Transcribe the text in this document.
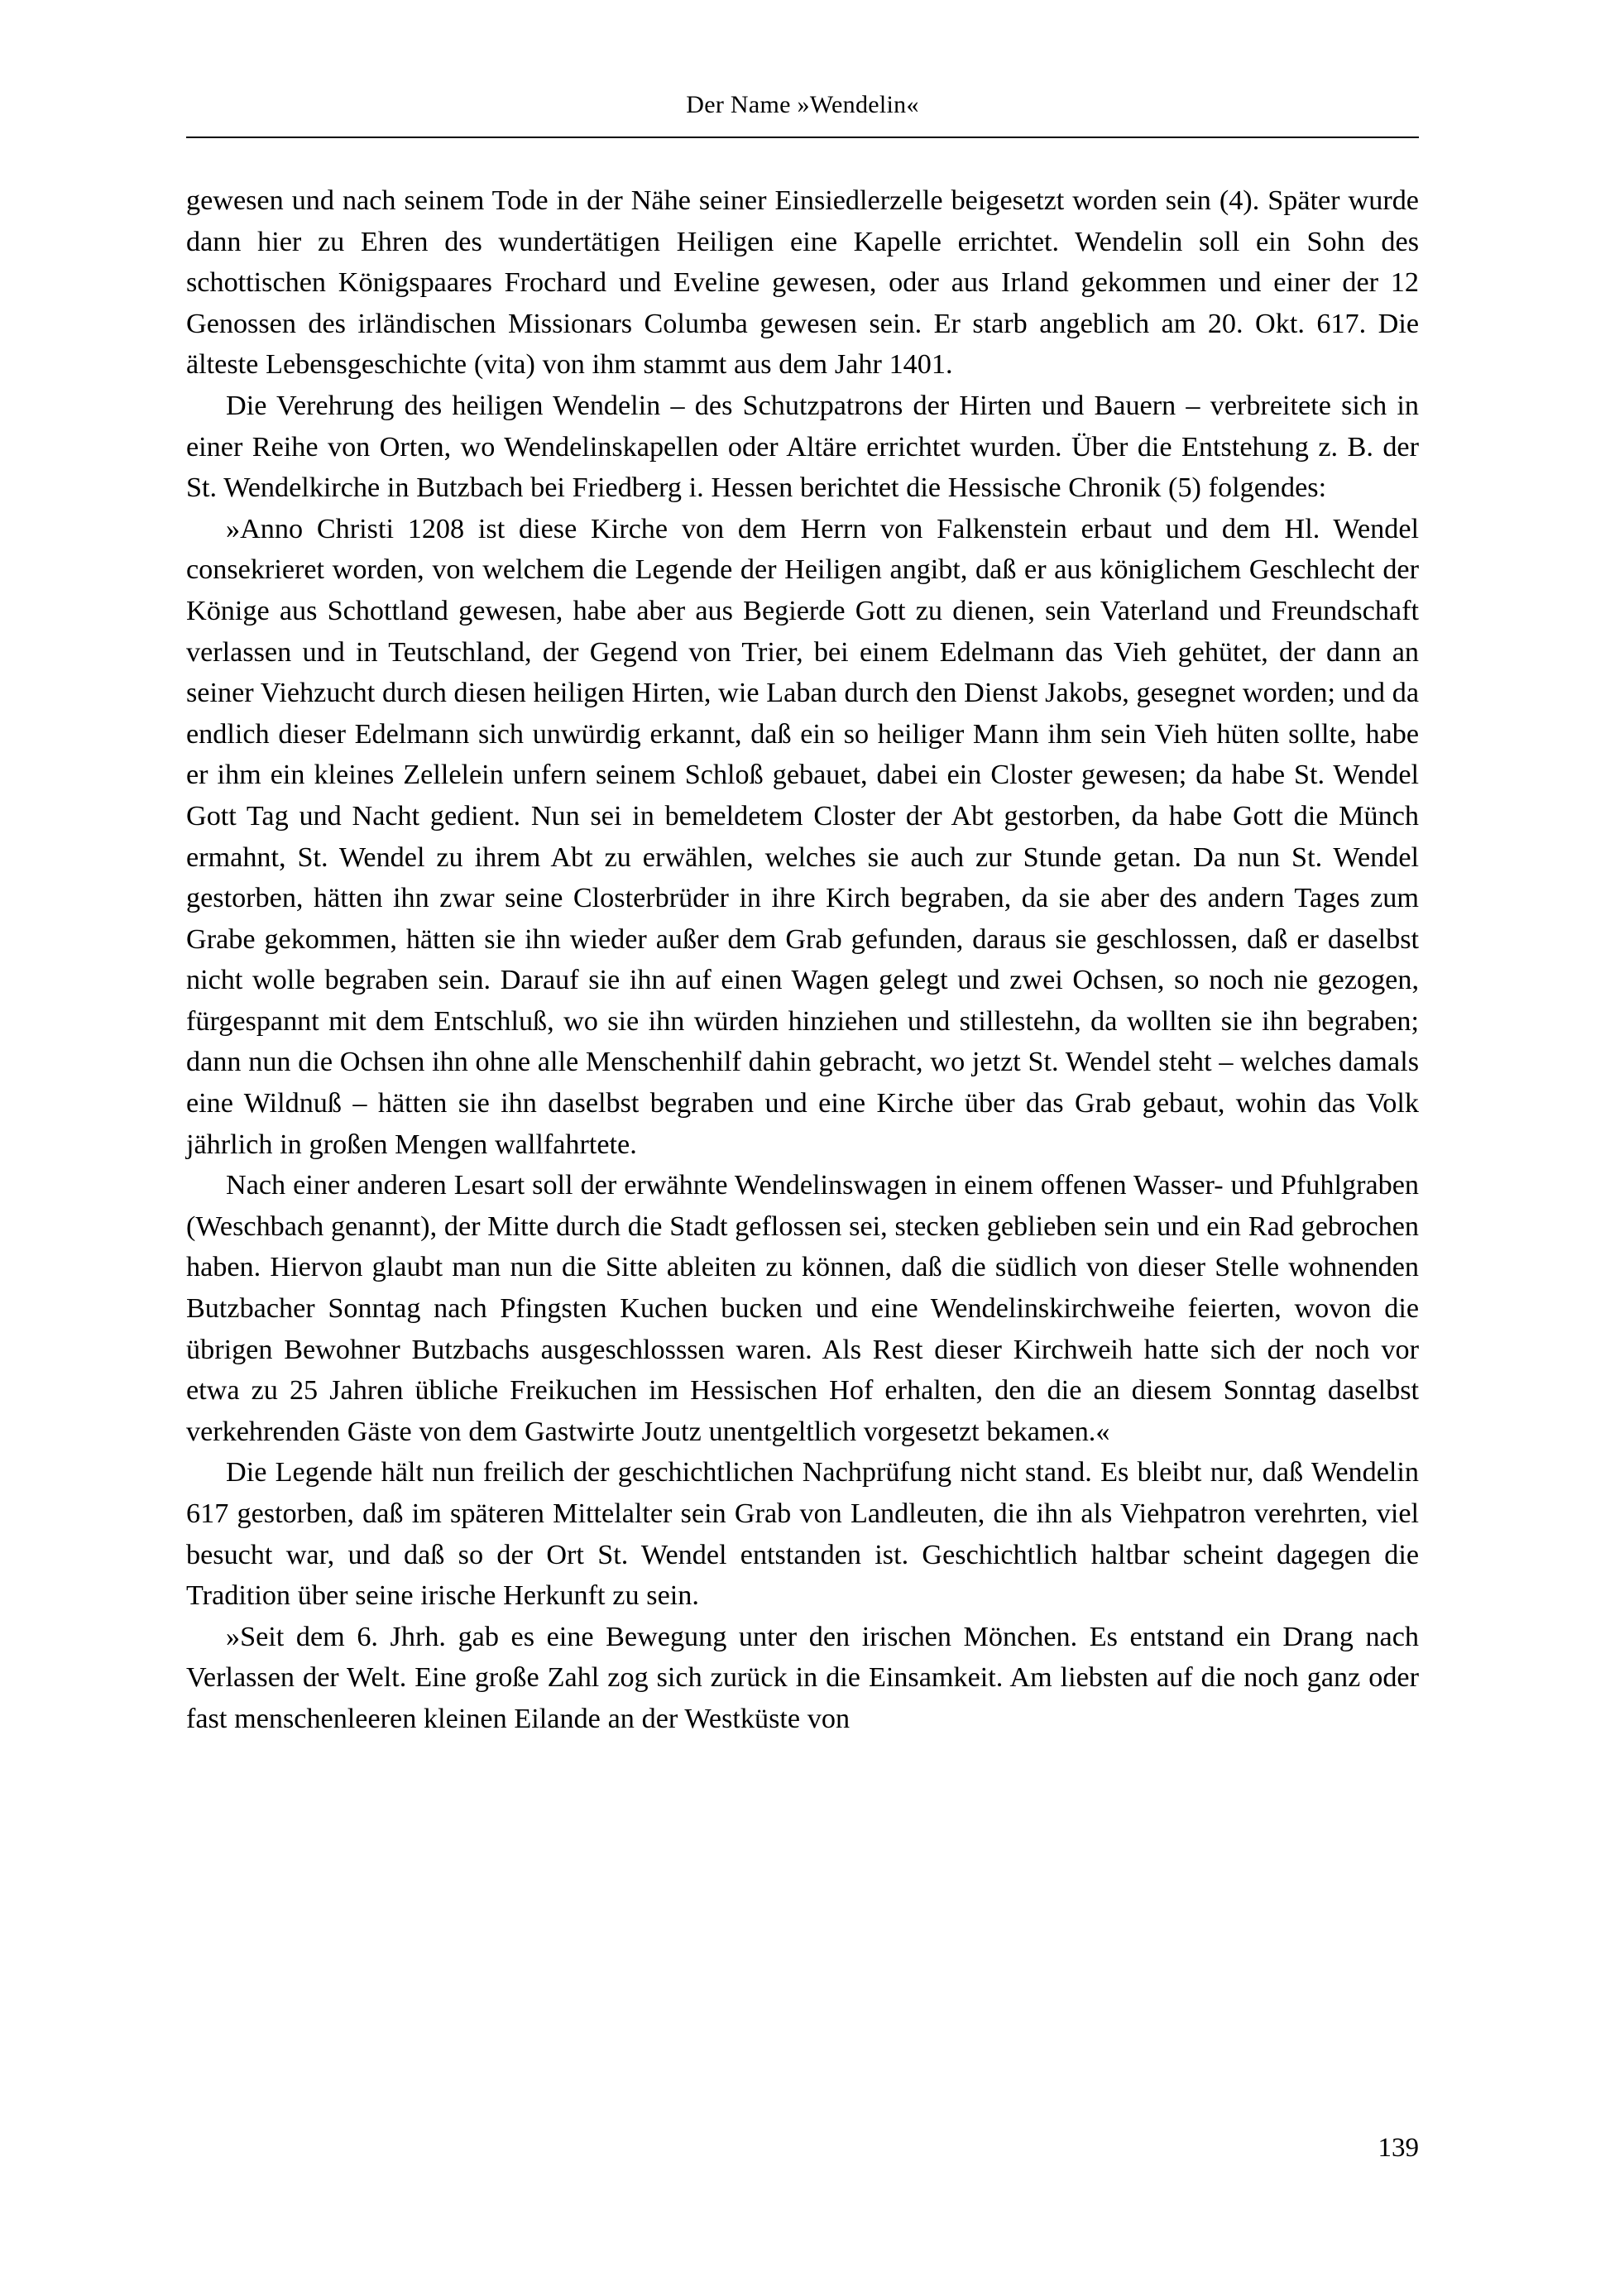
Der Name »Wendelin«

gewesen und nach seinem Tode in der Nähe seiner Einsiedlerzelle beigesetzt worden sein (4). Später wurde dann hier zu Ehren des wundertätigen Heiligen eine Kapelle errichtet. Wendelin soll ein Sohn des schottischen Königspaares Frochard und Eveline gewesen, oder aus Irland gekommen und einer der 12 Genossen des irländischen Missionars Columba gewesen sein. Er starb angeblich am 20. Okt. 617. Die älteste Lebensgeschichte (vita) von ihm stammt aus dem Jahr 1401.

Die Verehrung des heiligen Wendelin – des Schutzpatrons der Hirten und Bauern – verbreitete sich in einer Reihe von Orten, wo Wendelinskapellen oder Altäre errichtet wurden. Über die Entstehung z. B. der St. Wendelkirche in Butzbach bei Friedberg i. Hessen berichtet die Hessische Chronik (5) folgendes:

»Anno Christi 1208 ist diese Kirche von dem Herrn von Falkenstein erbaut und dem Hl. Wendel consekrieret worden, von welchem die Legende der Heiligen angibt, daß er aus königlichem Geschlecht der Könige aus Schottland gewesen, habe aber aus Begierde Gott zu dienen, sein Vaterland und Freundschaft verlassen und in Teutschland, der Gegend von Trier, bei einem Edelmann das Vieh gehütet, der dann an seiner Viehzucht durch diesen heiligen Hirten, wie Laban durch den Dienst Jakobs, gesegnet worden; und da endlich dieser Edelmann sich unwürdig erkannt, daß ein so heiliger Mann ihm sein Vieh hüten sollte, habe er ihm ein kleines Zellelein unfern seinem Schloß gebauet, dabei ein Closter gewesen; da habe St. Wendel Gott Tag und Nacht gedient. Nun sei in bemeldetem Closter der Abt gestorben, da habe Gott die Münch ermahnt, St. Wendel zu ihrem Abt zu erwählen, welches sie auch zur Stunde getan. Da nun St. Wendel gestorben, hätten ihn zwar seine Closterbrüder in ihre Kirch begraben, da sie aber des andern Tages zum Grabe gekommen, hätten sie ihn wieder außer dem Grab gefunden, daraus sie geschlossen, daß er daselbst nicht wolle begraben sein. Darauf sie ihn auf einen Wagen gelegt und zwei Ochsen, so noch nie gezogen, fürgespannt mit dem Entschluß, wo sie ihn würden hinziehen und stillestehn, da wollten sie ihn begraben; dann nun die Ochsen ihn ohne alle Menschenhilf dahin gebracht, wo jetzt St. Wendel steht – welches damals eine Wildnuß – hätten sie ihn daselbst begraben und eine Kirche über das Grab gebaut, wohin das Volk jährlich in großen Mengen wallfahrtete.

Nach einer anderen Lesart soll der erwähnte Wendelinswagen in einem offenen Wasser- und Pfuhlgraben (Weschbach genannt), der Mitte durch die Stadt geflossen sei, stecken geblieben sein und ein Rad gebrochen haben. Hiervon glaubt man nun die Sitte ableiten zu können, daß die südlich von dieser Stelle wohnenden Butzbacher Sonntag nach Pfingsten Kuchen bucken und eine Wendelinskirchweihe feierten, wovon die übrigen Bewohner Butzbachs ausgeschlosssen waren. Als Rest dieser Kirchweih hatte sich der noch vor etwa zu 25 Jahren übliche Freikuchen im Hessischen Hof erhalten, den die an diesem Sonntag daselbst verkehrenden Gäste von dem Gastwirte Joutz unentgeltlich vorgesetzt bekamen.«

Die Legende hält nun freilich der geschichtlichen Nachprüfung nicht stand. Es bleibt nur, daß Wendelin 617 gestorben, daß im späteren Mittelalter sein Grab von Landleuten, die ihn als Viehpatron verehrten, viel besucht war, und daß so der Ort St. Wendel entstanden ist. Geschichtlich haltbar scheint dagegen die Tradition über seine irische Herkunft zu sein.

»Seit dem 6. Jhrh. gab es eine Bewegung unter den irischen Mönchen. Es entstand ein Drang nach Verlassen der Welt. Eine große Zahl zog sich zurück in die Einsamkeit. Am liebsten auf die noch ganz oder fast menschenleeren kleinen Eilande an der Westküste von

139
